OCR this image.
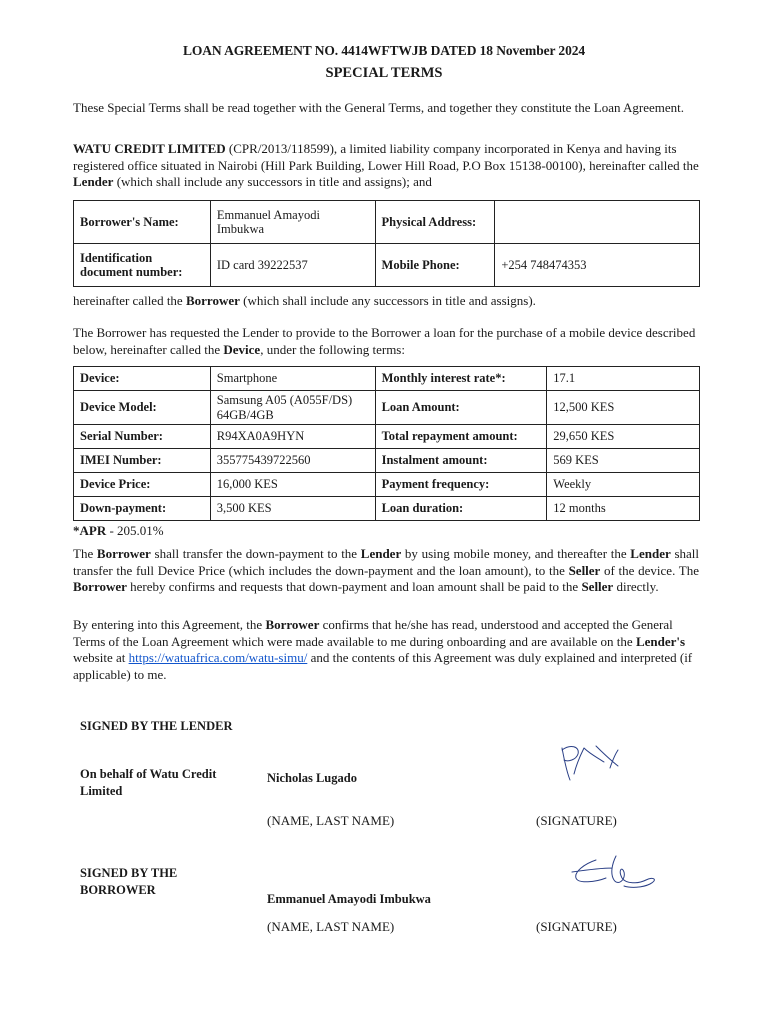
LOAN AGREEMENT NO. 4414WFTWJB DATED 18 November 2024
SPECIAL TERMS
These Special Terms shall be read together with the General Terms, and together they constitute the Loan Agreement.
WATU CREDIT LIMITED (CPR/2013/118599), a limited liability company incorporated in Kenya and having its registered office situated in Nairobi (Hill Park Building, Lower Hill Road, P.O Box 15138-00100), hereinafter called the Lender (which shall include any successors in title and assigns); and
Borrower's Name:	Emmanuel Amayodi Imbukwa	Physical Address:	
Identification document number:	ID card 39222537	Mobile Phone:	+254 748474353
hereinafter called the Borrower (which shall include any successors in title and assigns).
The Borrower has requested the Lender to provide to the Borrower a loan for the purchase of a mobile device described below, hereinafter called the Device, under the following terms:
Device:	Smartphone	Monthly interest rate*:	17.1
Device Model:	Samsung A05 (A055F/DS) 64GB/4GB	Loan Amount:	12,500 KES
Serial Number:	R94XA0A9HYN	Total repayment amount:	29,650 KES
IMEI Number:	355775439722560	Instalment amount:	569 KES
Device Price:	16,000 KES	Payment frequency:	Weekly
Down-payment:	3,500 KES	Loan duration:	12 months
*APR - 205.01%
The Borrower shall transfer the down-payment to the Lender by using mobile money, and thereafter the Lender shall transfer the full Device Price (which includes the down-payment and the loan amount), to the Seller of the device. The Borrower hereby confirms and requests that down-payment and loan amount shall be paid to the Seller directly.
By entering into this Agreement, the Borrower confirms that he/she has read, understood and accepted the General Terms of the Loan Agreement which were made available to me during onboarding and are available on the Lender's website at https://watuafrica.com/watu-simu/ and the contents of this Agreement was duly explained and interpreted (if applicable) to me.
SIGNED BY THE LENDER
On behalf of Watu Credit Limited
Nicholas Lugado
(NAME, LAST NAME)	(SIGNATURE)
SIGNED BY THE BORROWER
Emmanuel Amayodi Imbukwa
(NAME, LAST NAME)	(SIGNATURE)
